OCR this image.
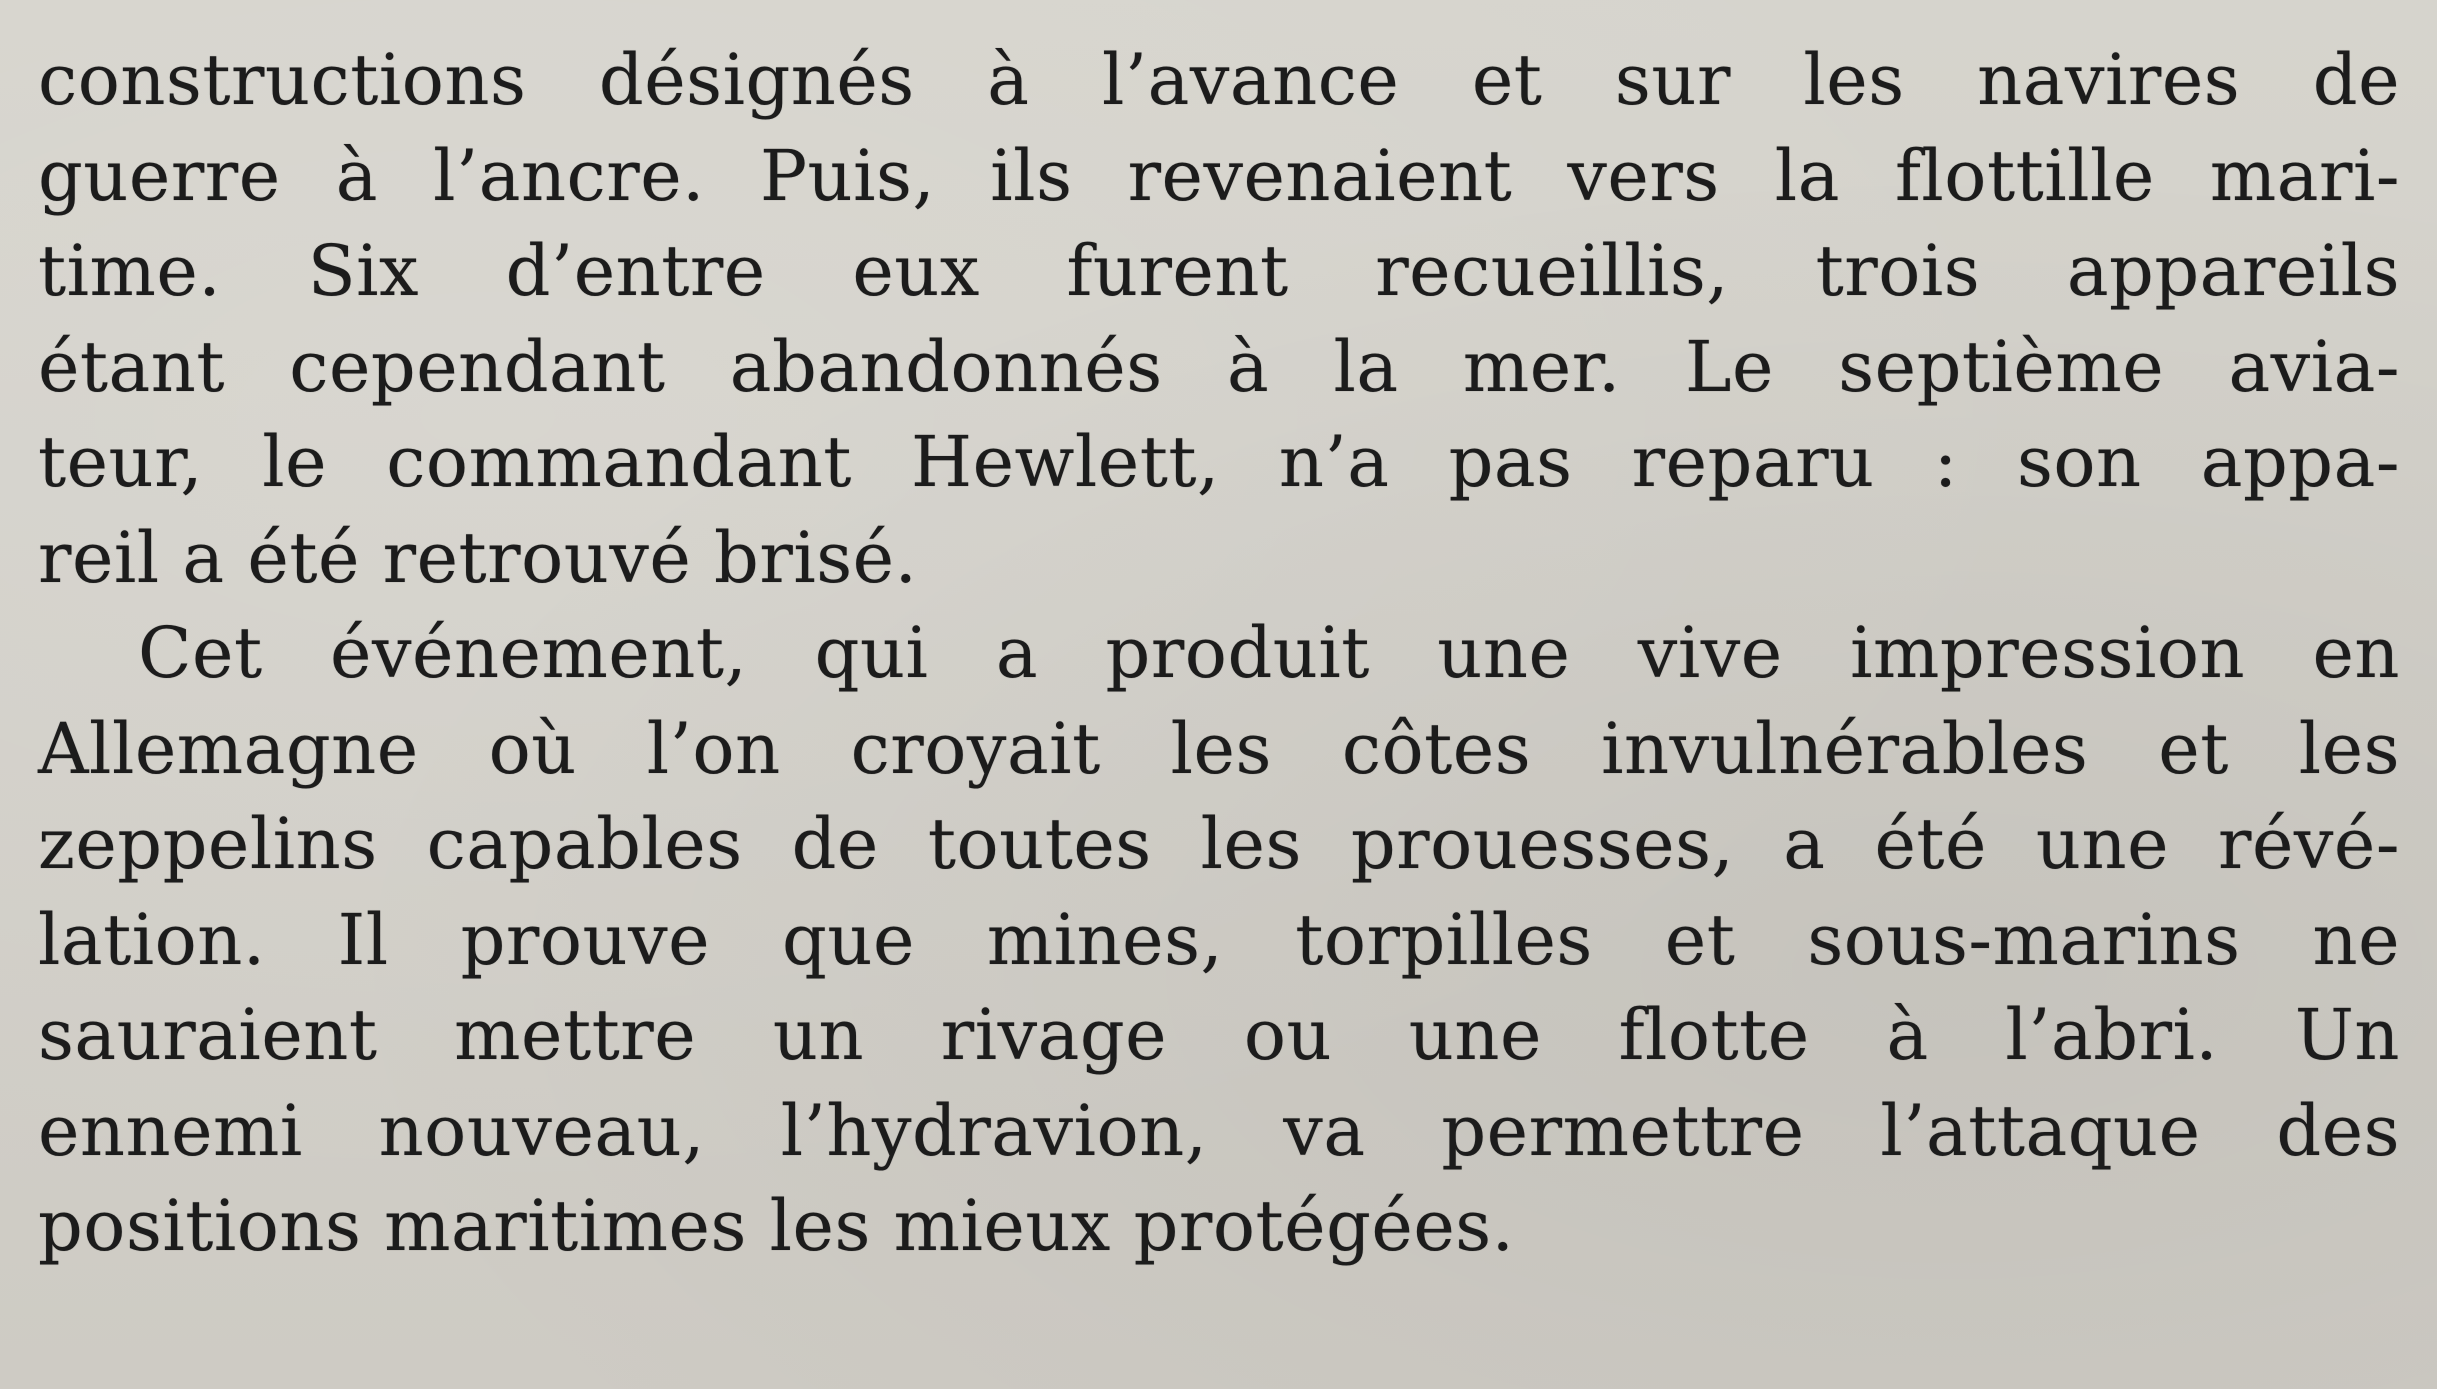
constructions désignés à l’avance et sur les navires de
guerre à l’ancre. Puis, ils revenaient vers la flottille mari-
time. Six d’entre eux furent recueillis, trois appareils
étant cependant abandonnés à la mer. Le septième avia-
teur, le commandant Hewlett, n’a pas reparu : son appa-
reil a été retrouvé brisé.
Cet événement, qui a produit une vive impression en
Allemagne où l’on croyait les côtes invulnérables et les
zeppelins capables de toutes les prouesses, a été une révé-
lation. Il prouve que mines, torpilles et sous-marins ne
sauraient mettre un rivage ou une flotte à l’abri. Un
ennemi nouveau, l’hydravion, va permettre l’attaque des
positions maritimes les mieux protégées.
